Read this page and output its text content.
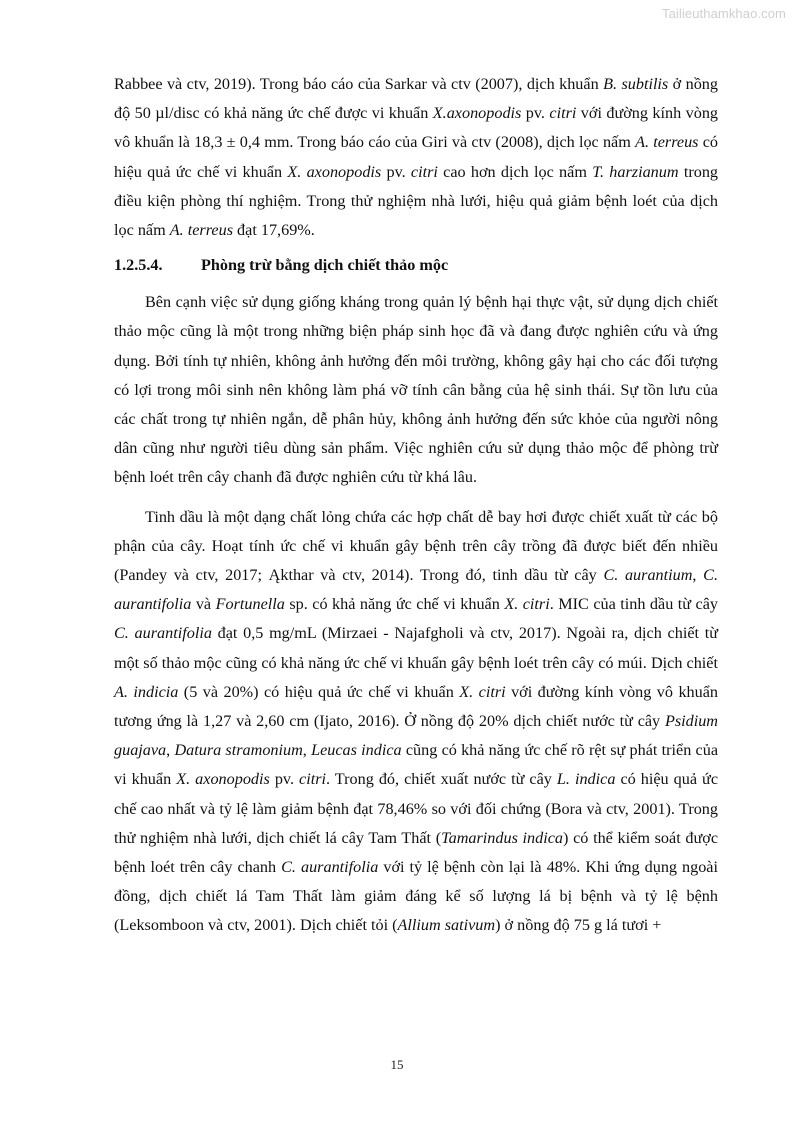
Tailieuthamkhao.com

Rabbee và ctv, 2019). Trong báo cáo của Sarkar và ctv (2007), dịch khuẩn B. subtilis ở nồng độ 50 µl/disc có khả năng ức chế được vi khuẩn X.axonopodis pv. citri với đường kính vòng vô khuẩn là 18,3 ± 0,4 mm. Trong báo cáo của Giri và ctv (2008), dịch lọc nấm A. terreus có hiệu quả ức chế vi khuẩn X. axonopodis pv. citri cao hơn dịch lọc nấm T. harzianum trong điều kiện phòng thí nghiệm. Trong thử nghiệm nhà lưới, hiệu quả giảm bệnh loét của dịch lọc nấm A. terreus đạt 17,69%.

1.2.5.4. Phòng trừ bằng dịch chiết thảo mộc

Bên cạnh việc sử dụng giống kháng trong quản lý bệnh hại thực vật, sử dụng dịch chiết thảo mộc cũng là một trong những biện pháp sinh học đã và đang được nghiên cứu và ứng dụng. Bởi tính tự nhiên, không ảnh hưởng đến môi trường, không gây hại cho các đối tượng có lợi trong môi sinh nên không làm phá vỡ tính cân bằng của hệ sinh thái. Sự tồn lưu của các chất trong tự nhiên ngắn, dễ phân hủy, không ảnh hưởng đến sức khỏe của người nông dân cũng như người tiêu dùng sản phẩm. Việc nghiên cứu sử dụng thảo mộc để phòng trừ bệnh loét trên cây chanh đã được nghiên cứu từ khá lâu.

Tinh dầu là một dạng chất lỏng chứa các hợp chất dễ bay hơi được chiết xuất từ các bộ phận của cây. Hoạt tính ức chế vi khuẩn gây bệnh trên cây trồng đã được biết đến nhiều (Pandey và ctv, 2017; Ąkthar và ctv, 2014). Trong đó, tinh dầu từ cây C. aurantium, C. aurantifolia và Fortunella sp. có khả năng ức chế vi khuẩn X. citri. MIC của tinh dầu từ cây C. aurantifolia đạt 0,5 mg/mL (Mirzaei - Najafgholi và ctv, 2017). Ngoài ra, dịch chiết từ một số thảo mộc cũng có khả năng ức chế vi khuẩn gây bệnh loét trên cây có múi. Dịch chiết A. indicia (5 và 20%) có hiệu quả ức chế vi khuẩn X. citri với đường kính vòng vô khuẩn tương ứng là 1,27 và 2,60 cm (Ijato, 2016). Ở nồng độ 20% dịch chiết nước từ cây Psidium guajava, Datura stramonium, Leucas indica cũng có khả năng ức chế rõ rệt sự phát triển của vi khuẩn X. axonopodis pv. citri. Trong đó, chiết xuất nước từ cây L. indica có hiệu quả ức chế cao nhất và tỷ lệ làm giảm bệnh đạt 78,46% so với đối chứng (Bora và ctv, 2001). Trong thử nghiệm nhà lưới, dịch chiết lá cây Tam Thất (Tamarindus indica) có thể kiểm soát được bệnh loét trên cây chanh C. aurantifolia với tỷ lệ bệnh còn lại là 48%. Khi ứng dụng ngoài đồng, dịch chiết lá Tam Thất làm giảm đáng kể số lượng lá bị bệnh và tỷ lệ bệnh (Leksomboon và ctv, 2001). Dịch chiết tỏi (Allium sativum) ở nồng độ 75 g lá tươi +

15
